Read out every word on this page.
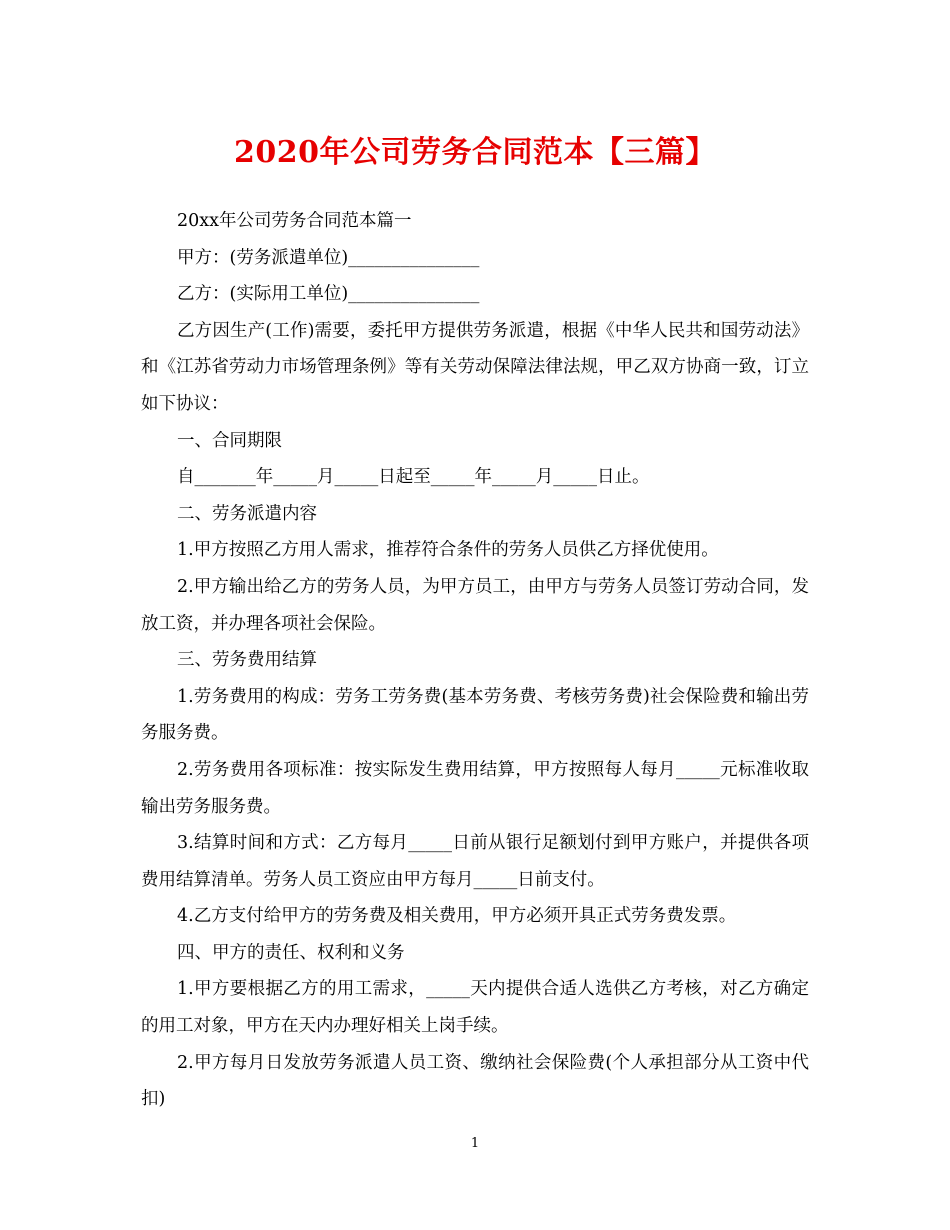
2020年公司劳务合同范本【三篇】

20xx年公司劳务合同范本篇一

甲方：(劳务派遣单位)_______________

乙方：(实际用工单位)_______________

乙方因生产(工作)需要，委托甲方提供劳务派遣，根据《中华人民共和国劳动法》和《江苏省劳动力市场管理条例》等有关劳动保障法律法规，甲乙双方协商一致，订立如下协议：

一、合同期限

自_______年_____月_____日起至_____年_____月_____日止。

二、劳务派遣内容

1.甲方按照乙方用人需求，推荐符合条件的劳务人员供乙方择优使用。

2.甲方输出给乙方的劳务人员，为甲方员工，由甲方与劳务人员签订劳动合同，发放工资，并办理各项社会保险。

三、劳务费用结算

1.劳务费用的构成：劳务工劳务费(基本劳务费、考核劳务费)社会保险费和输出劳务服务费。

2.劳务费用各项标准：按实际发生费用结算，甲方按照每人每月_____元标准收取输出劳务服务费。

3.结算时间和方式：乙方每月_____日前从银行足额划付到甲方账户，并提供各项费用结算清单。劳务人员工资应由甲方每月_____日前支付。

4.乙方支付给甲方的劳务费及相关费用，甲方必须开具正式劳务费发票。

四、甲方的责任、权利和义务

1.甲方要根据乙方的用工需求，_____天内提供合适人选供乙方考核，对乙方确定的用工对象，甲方在天内办理好相关上岗手续。

2.甲方每月日发放劳务派遣人员工资、缴纳社会保险费(个人承担部分从工资中代扣)

1
